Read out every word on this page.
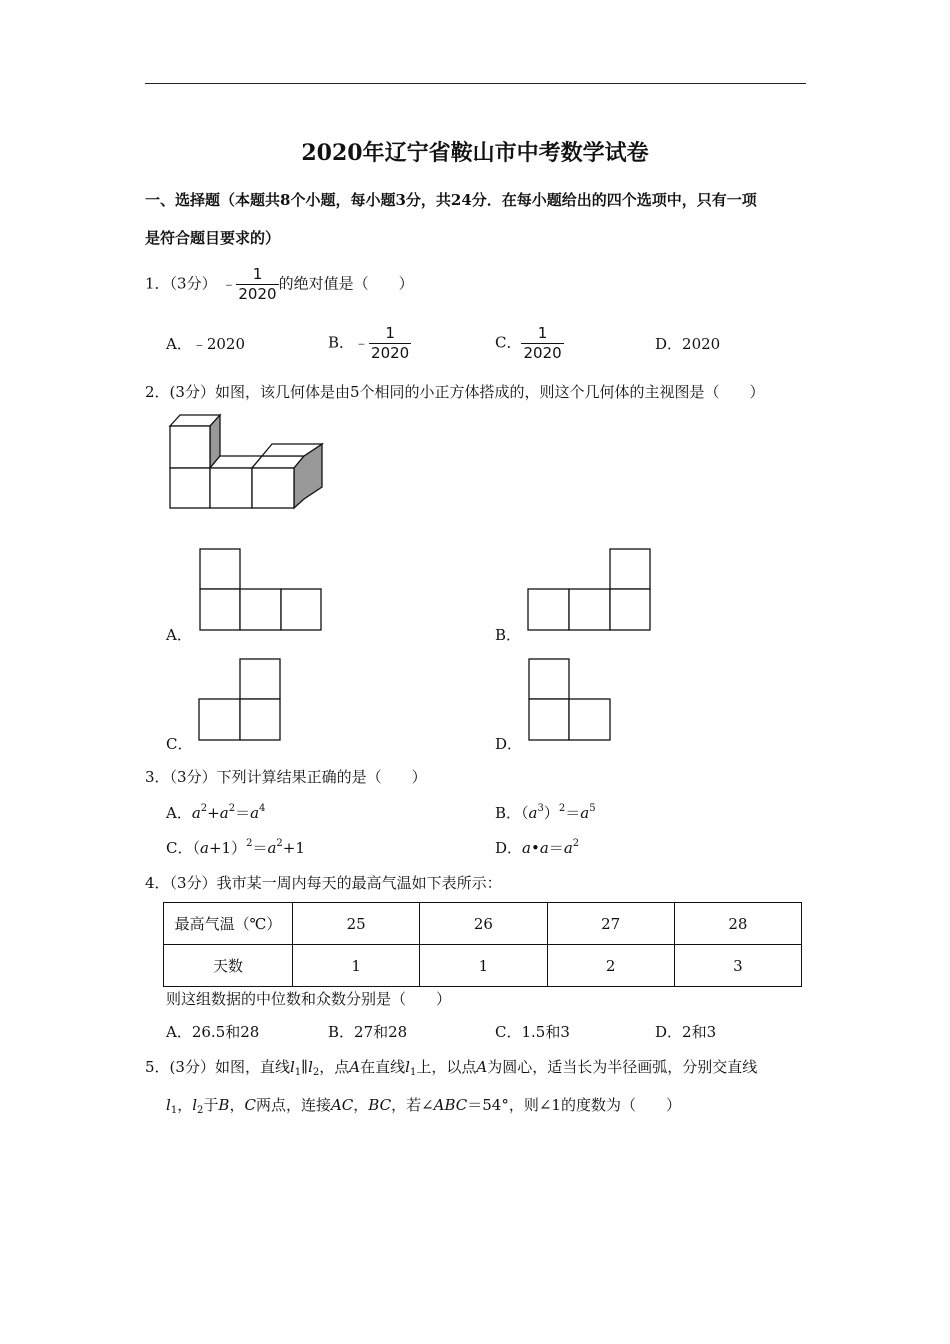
2020年辽宁省鞍山市中考数学试卷
一、选择题（本题共8个小题，每小题3分，共24分．在每小题给出的四个选项中，只有一项
是符合题目要求的）
1．（3分） ﹣ $\frac{1}{2020}$ 的绝对值是（　　）
A．﹣2020	B．﹣ $\frac{1}{2020}$	C． $\frac{1}{2020}$	D．2020
2．(3分）如图，该几何体是由5个相同的小正方体搭成的，则这个几何体的主视图是（　　）
A．	B．
C．	D．
3．（3分）下列计算结果正确的是（　　）
A．$a^2+a^2=a^4$	B．$(a^3)^2=a^5$
C．$(a+1)^2=a^2+1$	D．$a•a=a^2$
4．（3分）我市某一周内每天的最高气温如下表所示：
最高气温（℃）	25	26	27	28
天数	1	1	2	3
则这组数据的中位数和众数分别是（　　）
A．26.5和28	B．27和28	C．1.5和3	D．2和3
5．(3分）如图，直线$l_1\parallel l_2$，点A在直线$l_1$上，以点A为圆心，适当长为半径画弧，分别交直线
$l_1$，$l_2$于B，C两点，连接AC，BC，若∠ABC＝54°，则∠1的度数为（　　）
